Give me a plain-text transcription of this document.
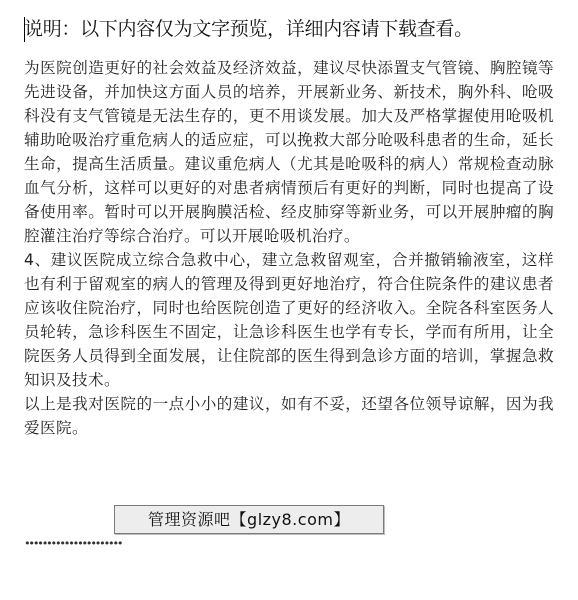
说明：以下内容仅为文字预览，详细内容请下载查看。

为医院创造更好的社会效益及经济效益，建议尽快添置支气管镜、胸腔镜等先进设备，并加快这方面人员的培养，开展新业务、新技术，胸外科、呛吸科没有支气管镜是无法生存的，更不用谈发展。加大及严格掌握使用呛吸机辅助呛吸治疗重危病人的适应症，可以挽救大部分呛吸科患者的生命，延长生命，提高生活质量。建议重危病人（尤其是呛吸科的病人）常规检查动脉血气分析，这样可以更好的对患者病情预后有更好的判断，同时也提高了设备使用率。暂时可以开展胸膜活检、经皮肺穿等新业务，可以开展肿瘤的胸腔灌注治疗等综合治疗。可以开展呛吸机治疗。

4、建议医院成立综合急救中心，建立急救留观室，合并撤销输液室，这样也有利于留观室的病人的管理及得到更好地治疗，符合住院条件的建议患者应该收住院治疗，同时也给医院创造了更好的经济收入。全院各科室医务人员轮转，急诊科医生不固定，让急诊科医生也学有专长，学而有所用，让全院医务人员得到全面发展，让住院部的医生得到急诊方面的培训，掌握急救知识及技术。

以上是我对医院的一点小小的建议，如有不妥，还望各位领导谅解，因为我爱医院。

管理资源吧【glzy8.com】
••••••••••••••••••••••
